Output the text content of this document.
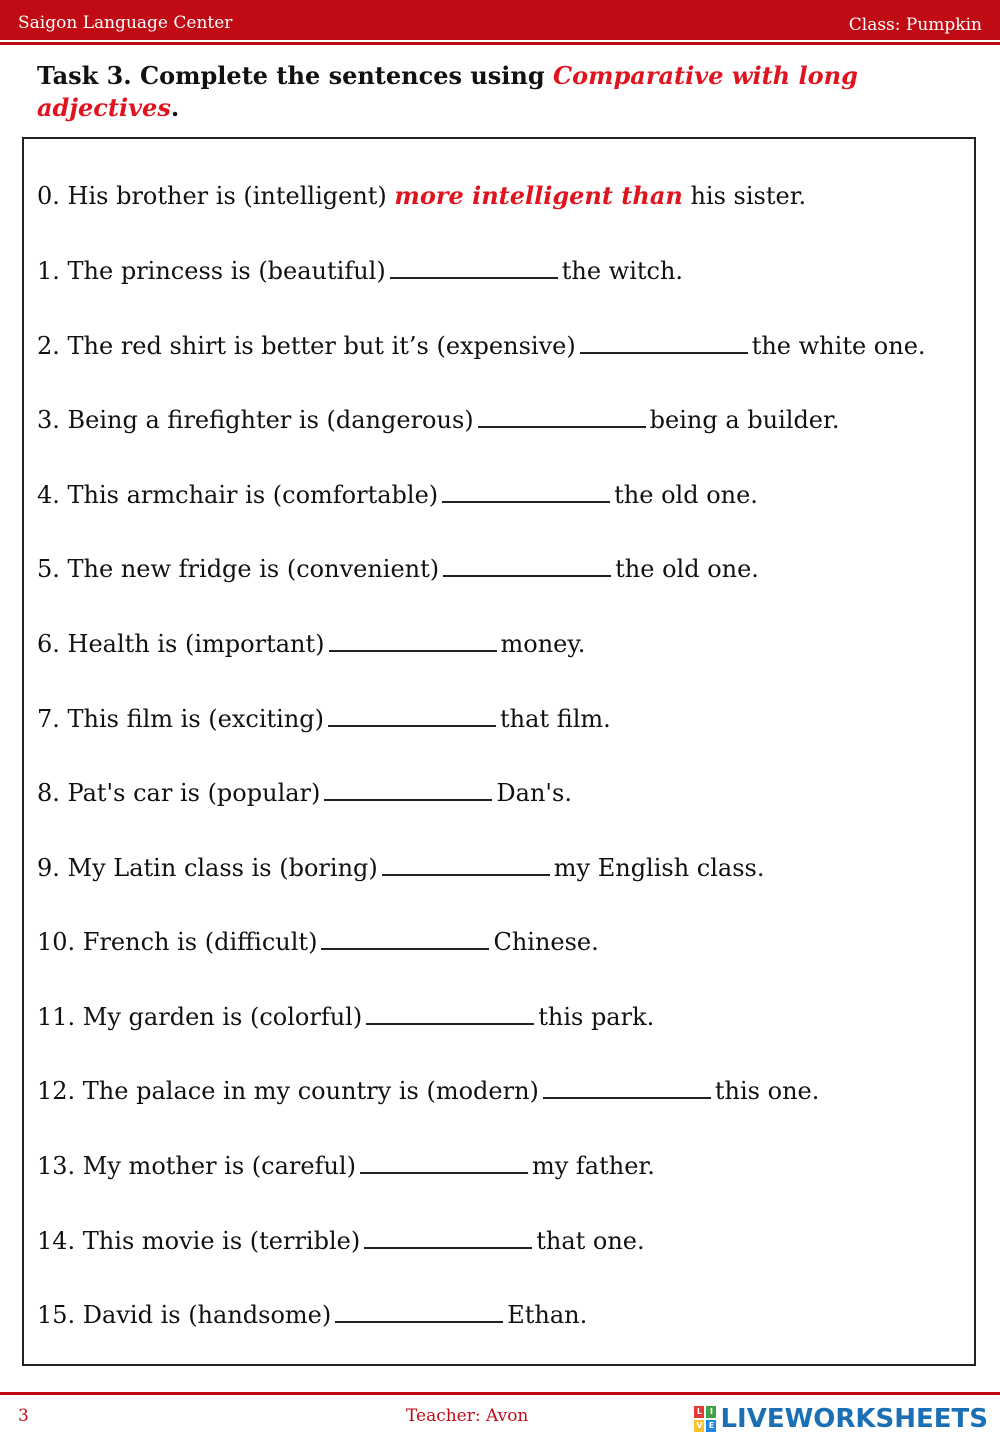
Saigon Language Center	Class: Pumpkin
Task 3. Complete the sentences using Comparative with long adjectives.
0. His brother is (intelligent) more intelligent than his sister.
1. The princess is (beautiful)	the witch.
2. The red shirt is better but it’s (expensive)	the white one.
3. Being a firefighter is (dangerous)	being a builder.
4. This armchair is (comfortable)	the old one.
5. The new fridge is (convenient)	the old one.
6. Health is (important)	money.
7. This film is (exciting)	that film.
8. Pat's car is (popular)	Dan's.
9. My Latin class is (boring)	my English class.
10. French is (difficult)	Chinese.
11. My garden is (colorful)	this park.
12. The palace in my country is (modern)	this one.
13. My mother is (careful)	my father.
14. This movie is (terrible)	that one.
15. David is (handsome)	Ethan.
3	Teacher: Avon	L I
V E LIVEWORKSHEETS
